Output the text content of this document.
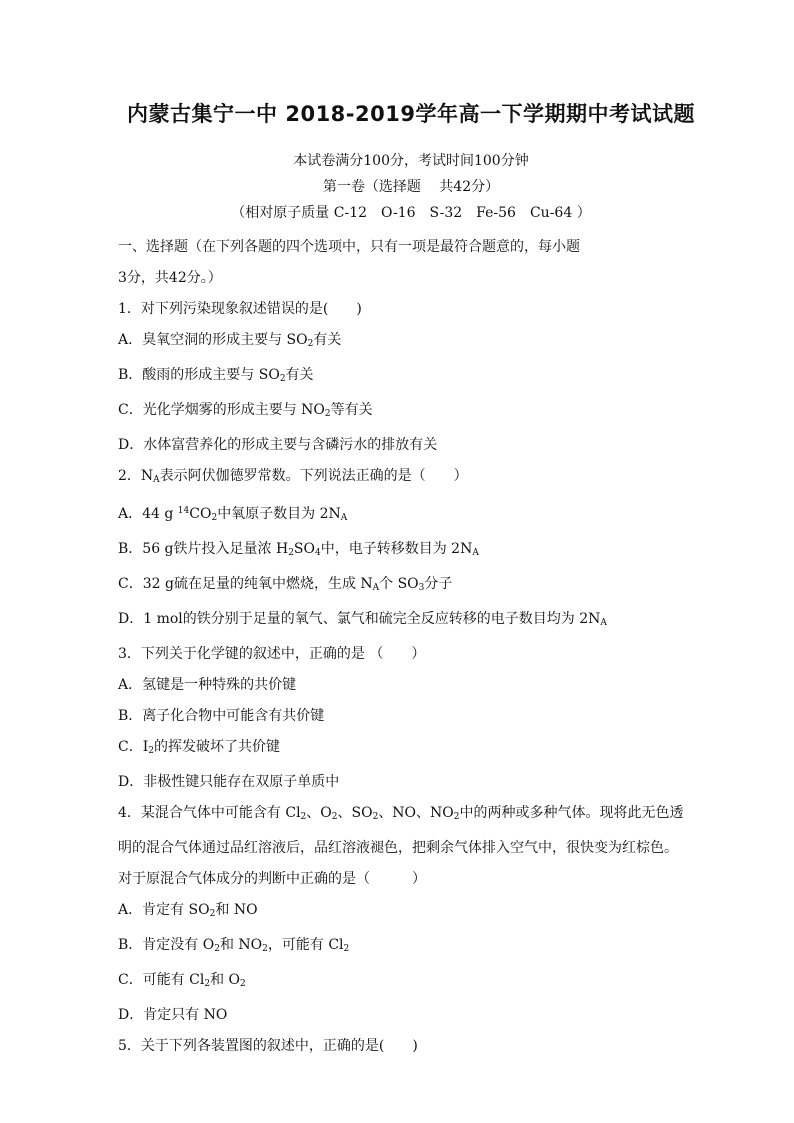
内蒙古集宁一中 2018-2019学年高一下学期期中考试试题
本试卷满分100分，考试时间100分钟
第一卷（选择题　 共42分）
（相对原子质量 C-12　O-16　S-32　Fe-56　Cu-64 ）

一、选择题（在下列各题的四个选项中，只有一项是最符合题意的，每小题

3分，共42分。）

1．对下列污染现象叙述错误的是(　　)

A．臭氧空洞的形成主要与 $SO_2$有关

B．酸雨的形成主要与 $SO_2$有关

C．光化学烟雾的形成主要与 $NO_2$等有关

D．水体富营养化的形成主要与含磷污水的排放有关

2．$N_A$表示阿伏伽德罗常数。下列说法正确的是（　　）

A．44 g $^{14}CO_2$中氧原子数目为 $2N_A$

B．56 g铁片投入足量浓 $H_2SO_4$中，电子转移数目为 $2N_A$

C．32 g硫在足量的纯氧中燃烧，生成 $N_A$个 $SO_3$分子

D．1 mol的铁分别于足量的氧气、氯气和硫完全反应转移的电子数目均为 $2N_A$

3．下列关于化学键的叙述中，正确的是 （　　）

A．氢键是一种特殊的共价键

B．离子化合物中可能含有共价键

C．$I_2$的挥发破坏了共价键

D．非极性键只能存在双原子单质中

4．某混合气体中可能含有 $Cl_2$、$O_2$、$SO_2$、NO、$NO_2$中的两种或多种气体。现将此无色透

明的混合气体通过品红溶液后，品红溶液褪色，把剩余气体排入空气中，很快变为红棕色。

对于原混合气体成分的判断中正确的是（　　　）

A．肯定有 $SO_2$和 NO

B．肯定没有 $O_2$和 $NO_2$，可能有 $Cl_2$

C．可能有 $Cl_2$和 $O_2$

D．肯定只有 NO

5．关于下列各装置图的叙述中，正确的是(　　)
